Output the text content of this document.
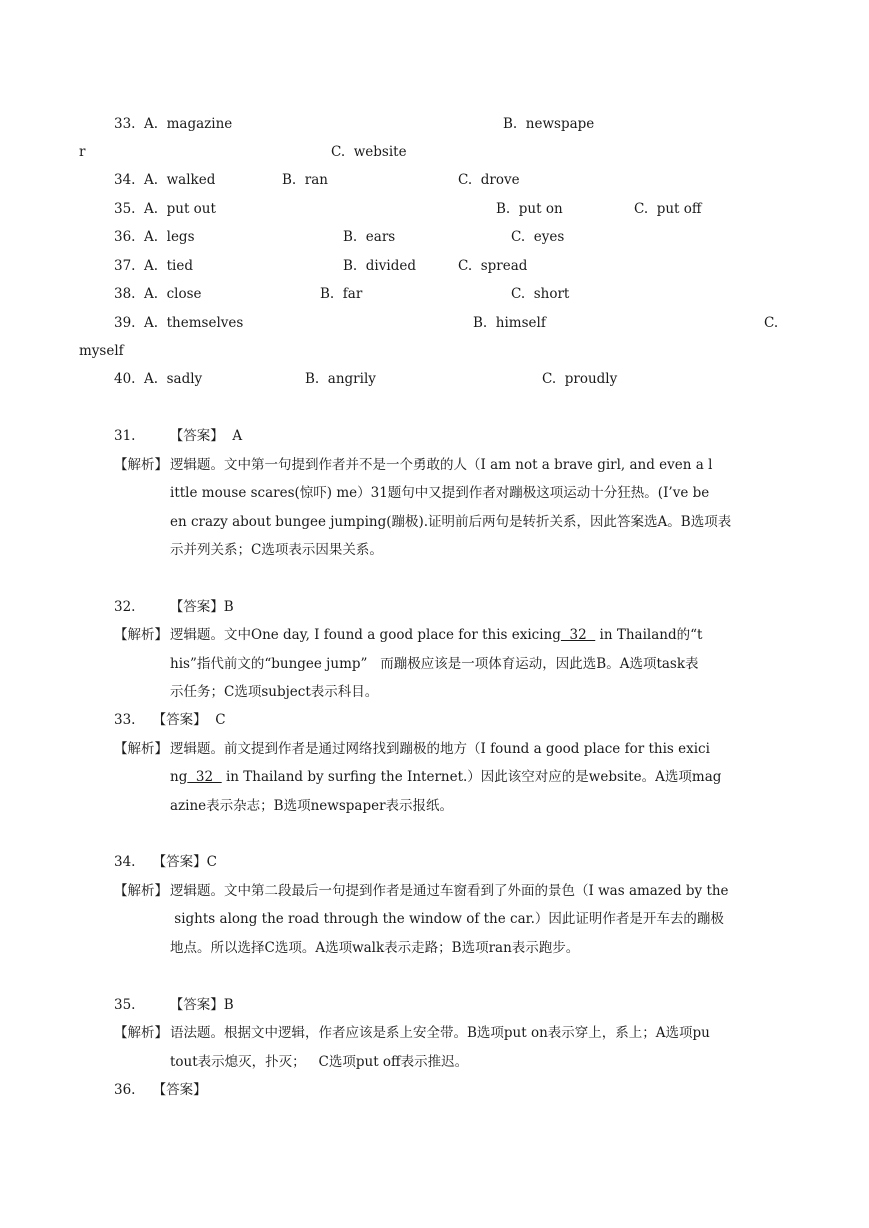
33. A.  magazine	B.  newspape
r	C.  website
34. A.  walked	B.  ran	C.  drove
35. A.  put out	B.  put on	C.  put off
36. A.  legs	B.  ears	C.  eyes
37. A.  tied	B.  divided	C.  spread
38. A.  close	B.  far	C.  short
39. A.  themselves	B.  himself	C.
myself
40. A.  sadly	B.  angrily	C.  proudly
31.        【答案】  A
【解析】 逻辑题。文中第一句提到作者并不是一个勇敢的人（I am not a brave girl, and even a l
ittle mouse scares(惊吓) me）31题句中又提到作者对蹦极这项运动十分狂热。(I’ve be
en crazy about bungee jumping(蹦极).证明前后两句是转折关系，因此答案选A。B选项表
示并列关系；C选项表示因果关系。
32.        【答案】B
【解析】 逻辑题。文中One day, I found a good place for this exicing  32   in Thailand的“t
his”指代前文的“bungee jump”   而蹦极应该是一项体育运动，因此选B。A选项task表
示任务；C选项subject表示科目。
33.    【答案】  C
【解析】 逻辑题。前文提到作者是通过网络找到蹦极的地方（I found a good place for this exici
ng  32   in Thailand by surfing the Internet.）因此该空对应的是website。A选项mag
azine表示杂志；B选项newspaper表示报纸。
34.    【答案】C
【解析】 逻辑题。文中第二段最后一句提到作者是通过车窗看到了外面的景色（I was amazed by the
sights along the road through the window of the car.）因此证明作者是开车去的蹦极
地点。所以选择C选项。A选项walk表示走路；B选项ran表示跑步。
35.        【答案】B
【解析】 语法题。根据文中逻辑，作者应该是系上安全带。B选项put on表示穿上，系上；A选项pu
tout表示熄灭，扑灭；   C选项put off表示推迟。
36.    【答案】
